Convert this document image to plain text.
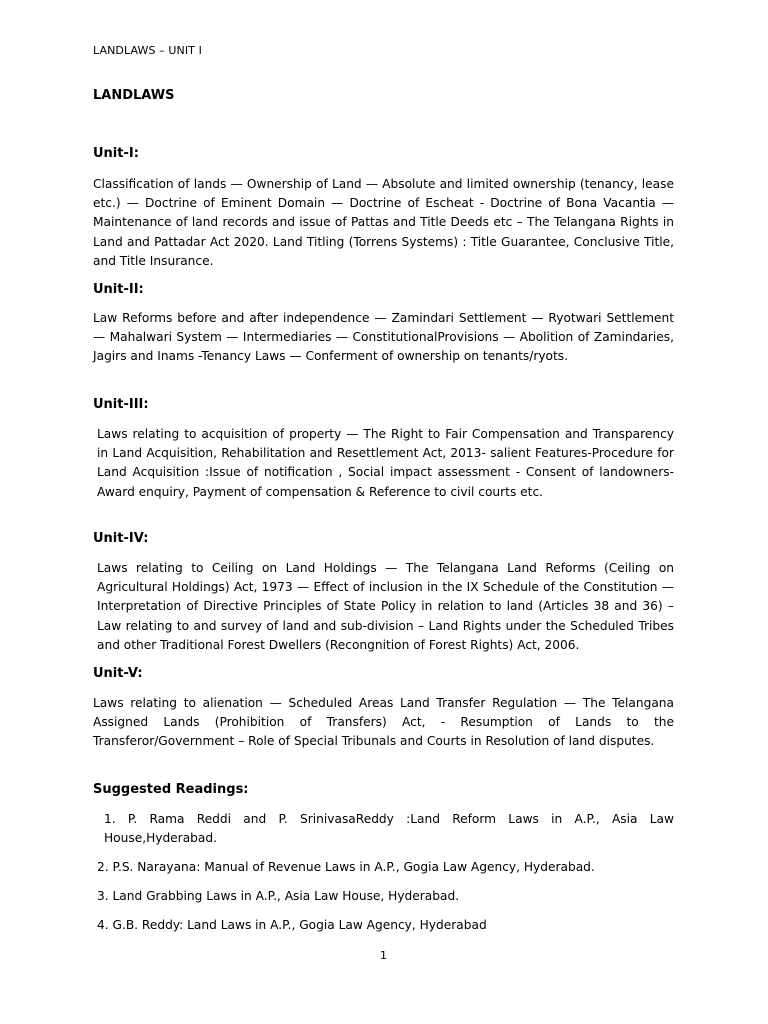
LANDLAWS – UNIT I
LANDLAWS
Unit-I:
Classification of lands — Ownership of Land — Absolute and limited ownership (tenancy, lease etc.) — Doctrine of Eminent Domain — Doctrine of Escheat - Doctrine of Bona Vacantia — Maintenance of land records and issue of Pattas and Title Deeds etc – The Telangana Rights in Land and Pattadar Act 2020. Land Titling (Torrens Systems) : Title Guarantee, Conclusive Title, and Title Insurance.
Unit-II:
Law Reforms before and after independence — Zamindari Settlement — Ryotwari Settlement — Mahalwari System — Intermediaries — ConstitutionalProvisions — Abolition of Zamindaries, Jagirs and Inams -Tenancy Laws — Conferment of ownership on tenants/ryots.
Unit-III:
Laws relating to acquisition of property — The Right to Fair Compensation and Transparency in Land Acquisition, Rehabilitation and Resettlement Act, 2013- salient Features-Procedure for Land Acquisition :Issue of notification , Social impact assessment - Consent of landowners- Award enquiry, Payment of compensation & Reference to civil courts etc.
Unit-IV:
Laws relating to Ceiling on Land Holdings — The Telangana Land Reforms (Ceiling on Agricultural Holdings) Act, 1973 — Effect of inclusion in the IX Schedule of the Constitution — Interpretation of Directive Principles of State Policy in relation to land (Articles 38 and 36) – Law relating to and survey of land and sub-division – Land Rights under the Scheduled Tribes and other Traditional Forest Dwellers (Recongnition of Forest Rights) Act, 2006.
Unit-V:
Laws relating to alienation — Scheduled Areas Land Transfer Regulation — The Telangana Assigned Lands (Prohibition of Transfers) Act, - Resumption of Lands to the Transferor/Government – Role of Special Tribunals and Courts in Resolution of land disputes.
Suggested Readings:
1. P. Rama Reddi and P. SrinivasaReddy :Land Reform Laws in A.P., Asia Law House,Hyderabad.
2. P.S. Narayana: Manual of Revenue Laws in A.P., Gogia Law Agency, Hyderabad.
3. Land Grabbing Laws in A.P., Asia Law House, Hyderabad.
4. G.B. Reddy: Land Laws in A.P., Gogia Law Agency, Hyderabad
1
